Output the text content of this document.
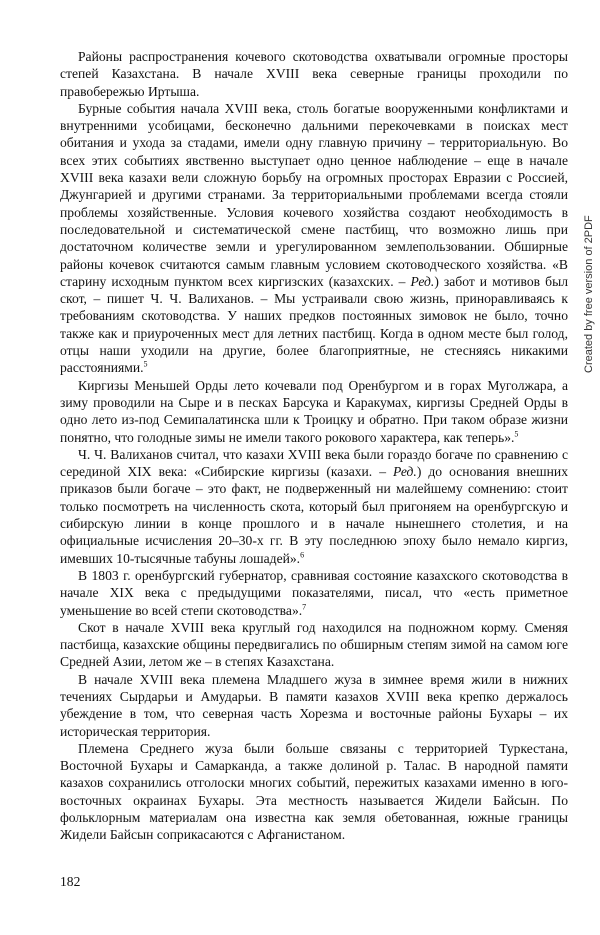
Районы распространения кочевого скотоводства охватывали огромные просторы степей Казахстана. В начале XVIII века северные границы проходили по правобережью Иртыша.

Бурные события начала XVIII века, столь богатые вооруженными конфликтами и внутренними усобицами, бесконечно дальними перекочевками в поисках мест обитания и ухода за стадами, имели одну главную причину – территориальную. Во всех этих событиях явственно выступает одно ценное наблюдение – еще в начале XVIII века казахи вели сложную борьбу на огромных просторах Евразии с Россией, Джунгарией и другими странами. За территориальными проблемами всегда стояли проблемы хозяйственные. Условия кочевого хозяйства создают необходимость в последовательной и систематической смене пастбищ, что возможно лишь при достаточном количестве земли и урегулированном землепользовании. Обширные районы кочевок считаются самым главным условием скотоводческого хозяйства. «В старину исходным пунктом всех киргизских (казахских. – Ред.) забот и мотивов был скот, – пишет Ч. Ч. Валиханов. – Мы устраивали свою жизнь, приноравливаясь к требованиям скотоводства. У наших предков постоянных зимовок не было, точно также как и приуроченных мест для летних пастбищ. Когда в одном месте был голод, отцы наши уходили на другие, более благоприятные, не стесняясь никакими расстояниями.$^5$

Киргизы Меньшей Орды лето кочевали под Оренбургом и в горах Муголжара, а зиму проводили на Сыре и в песках Барсука и Каракумах, киргизы Средней Орды в одно лето из-под Семипалатинска шли к Троицку и обратно. При таком образе жизни понятно, что голодные зимы не имели такого рокового характера, как теперь».$^5$

Ч. Ч. Валиханов считал, что казахи XVIII века были гораздо богаче по сравнению с серединой XIX века: «Сибирские киргизы (казахи. – Ред.) до основания внешних приказов были богаче – это факт, не подверженный ни малейшему сомнению: стоит только посмотреть на численность скота, который был пригоняем на оренбургскую и сибирскую линии в конце прошлого и в начале нынешнего столетия, и на официальные исчисления 20–30-х гг. В эту последнюю эпоху было немало киргиз, имевших 10-тысячные табуны лошадей».$^6$

В 1803 г. оренбургский губернатор, сравнивая состояние казахского скотоводства в начале XIX века с предыдущими показателями, писал, что «есть приметное уменьшение во всей степи скотоводства».$^7$

Скот в начале XVIII века круглый год находился на подножном корму. Сменяя пастбища, казахские общины передвигались по обширным степям зимой на самом юге Средней Азии, летом же – в степях Казахстана.

В начале XVIII века племена Младшего жуза в зимнее время жили в нижних течениях Сырдарьи и Амударьи. В памяти казахов XVIII века крепко держалось убеждение в том, что северная часть Хорезма и восточные районы Бухары – их историческая территория.

Племена Среднего жуза были больше связаны с территорией Туркестана, Восточной Бухары и Самарканда, а также долиной р. Талас. В народной памяти казахов сохранились отголоски многих событий, пережитых казахами именно в юго-восточных окраинах Бухары. Эта местность называется Жидели Байсын. По фольклорным материалам она известна как земля обетованная, южные границы Жидели Байсын соприкасаются с Афганистаном.

182
Created by free version of 2PDF
